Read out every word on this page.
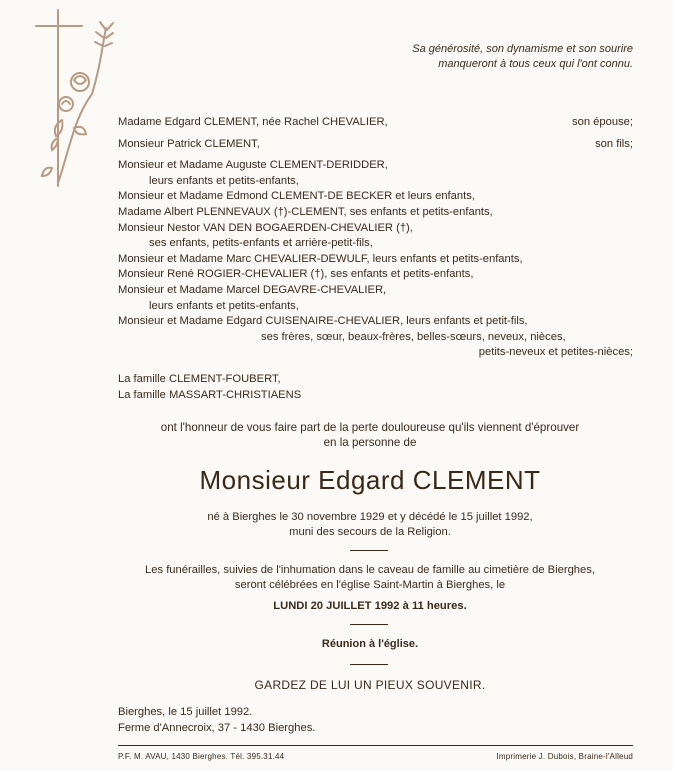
Sa générosité, son dynamisme et son sourire
manqueront à tous ceux qui l'ont connu.
Madame Edgard CLEMENT, née Rachel CHEVALIER,	son épouse;
Monsieur Patrick CLEMENT,	son fils;
Monsieur et Madame Auguste CLEMENT-DERIDDER,
leurs enfants et petits-enfants,
Monsieur et Madame Edmond CLEMENT-DE BECKER et leurs enfants,
Madame Albert PLENNEVAUX (†)-CLEMENT, ses enfants et petits-enfants,
Monsieur Nestor VAN DEN BOGAERDEN-CHEVALIER (†),
ses enfants, petits-enfants et arrière-petit-fils,
Monsieur et Madame Marc CHEVALIER-DEWULF, leurs enfants et petits-enfants,
Monsieur René ROGIER-CHEVALIER (†), ses enfants et petits-enfants,
Monsieur et Madame Marcel DEGAVRE-CHEVALIER,
leurs enfants et petits-enfants,
Monsieur et Madame Edgard CUISENAIRE-CHEVALIER, leurs enfants et petit-fils,
ses frères, sœur, beaux-frères, belles-sœurs, neveux, nièces,
petits-neveux et petites-nièces;
La famille CLEMENT-FOUBERT,
La famille MASSART-CHRISTIAENS
ont l'honneur de vous faire part de la perte douloureuse qu'ils viennent d'éprouver
en la personne de
Monsieur Edgard CLEMENT
né à Bierghes le 30 novembre 1929 et y décédé le 15 juillet 1992,
muni des secours de la Religion.
Les funérailles, suivies de l'inhumation dans le caveau de famille au cimetière de Bierghes,
seront célébrées en l'église Saint-Martin à Bierghes, le
LUNDI 20 JUILLET 1992 à 11 heures.
Réunion à l'église.
GARDEZ DE LUI UN PIEUX SOUVENIR.
Bierghes, le 15 juillet 1992.
Ferme d'Annecroix, 37 - 1430 Bierghes.
P.F. M. AVAU, 1430 Bierghes. Tél. 395.31.44	Imprimerie J. Dubois, Braine-l'Alleud
